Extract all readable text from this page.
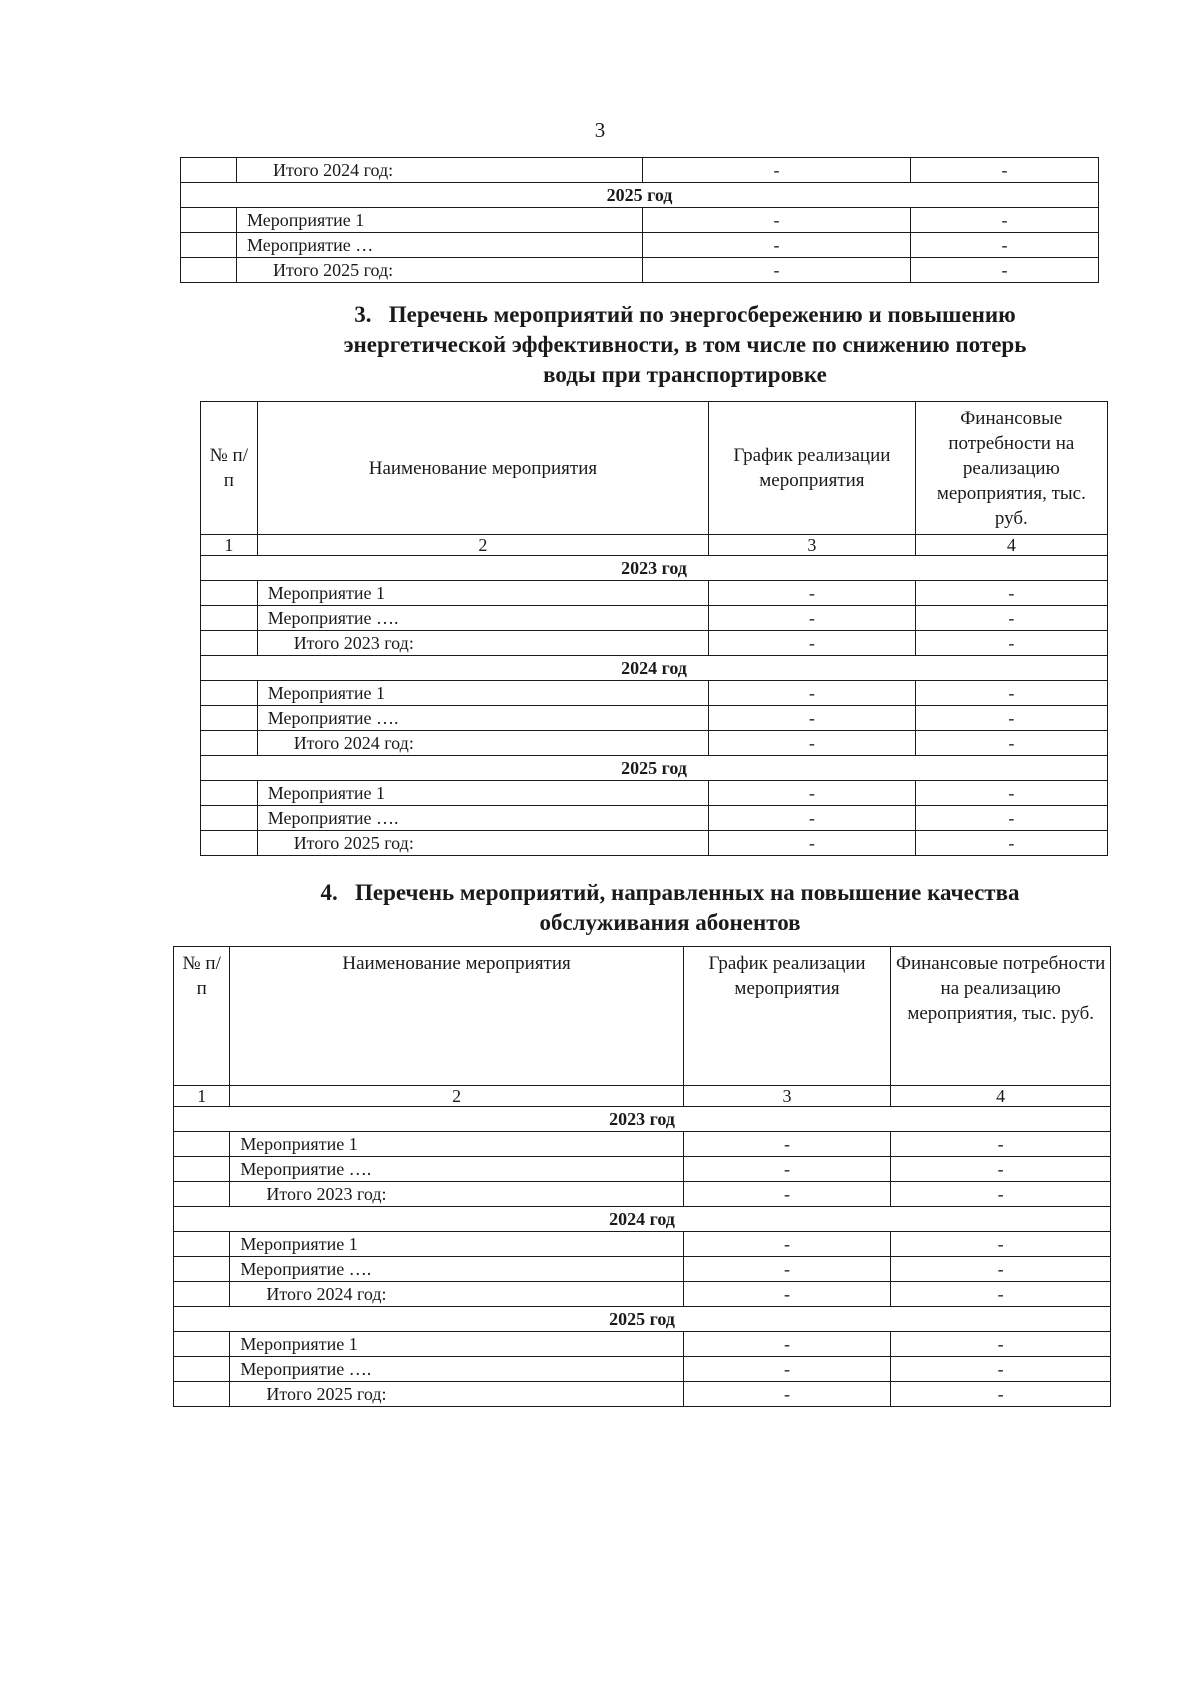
3
	Итого 2024 год:	-	-
2025 год			
	Мероприятие 1	-	-
	Мероприятие …	-	-
	Итого 2025 год:	-	-
3.   Перечень мероприятий по энергосбережению и повышению
энергетической эффективности, в том числе по снижению потерь
воды при транспортировке
№ п/п	Наименование мероприятия	График реализации мероприятия	Финансовые потребности на реализацию мероприятия, тыс. руб.
1	2	3	4
2023 год			
	Мероприятие 1	-	-
	Мероприятие ….	-	-
	Итого 2023 год:	-	-
2024 год			
	Мероприятие 1	-	-
	Мероприятие ….	-	-
	Итого 2024 год:	-	-
2025 год			
	Мероприятие 1	-	-
	Мероприятие ….	-	-
	Итого 2025 год:	-	-
4.   Перечень мероприятий, направленных на повышение качества
обслуживания абонентов
№ п/п	Наименование мероприятия	График реализации мероприятия	Финансовые потребности на реализацию мероприятия, тыс. руб.
1	2	3	4
2023 год			
	Мероприятие 1	-	-
	Мероприятие ….	-	-
	Итого 2023 год:	-	-
2024 год			
	Мероприятие 1	-	-
	Мероприятие ….	-	-
	Итого 2024 год:	-	-
2025 год			
	Мероприятие 1	-	-
	Мероприятие ….	-	-
	Итого 2025 год:	-	-
